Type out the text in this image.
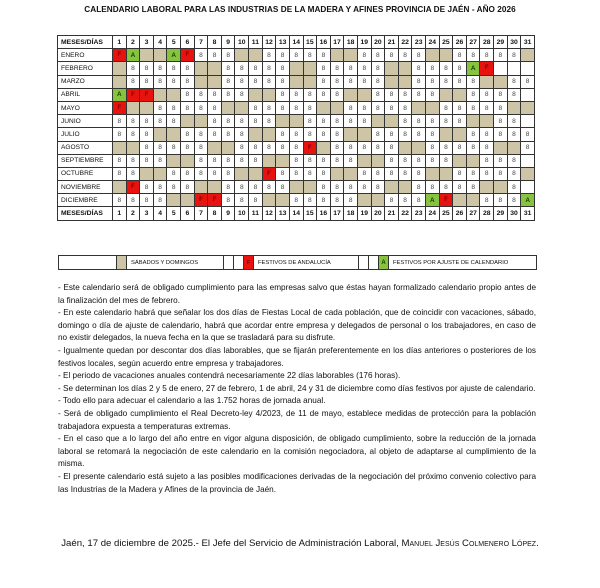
CALENDARIO LABORAL PARA LAS INDUSTRIAS DE LA MADERA Y AFINES PROVINCIA DE JAÉN - AÑO 2026
MESES/DÍAS	1	2	3	4	5	6	7	8	9	10	11	12	13	14	15	16	17	18	19	20	21	22	23	24	25	26	27	28	29	30	31
ENERO	F	A			A	F	8	8	8			8	8	8	8	8			8	8	8	8	8			8	8	8	8	8	
FEBRERO		8	8	8	8	8			8	8	8	8	8			8	8	8	8	8			8	8	8	8	A	F			
MARZO		8	8	8	8	8			8	8	8	8	8			8	8	8	8	8			8	8	8	8	8			8	8
ABRIL	A	F	F			8	8	8	8	8			8	8	8	8	8			8	8	8	8	8			8	8	8	8	
MAYO	F			8	8	8	8	8			8	8	8	8	8			8	8	8	8	8			8	8	8	8	8		
JUNIO	8	8	8	8	8			8	8	8	8	8			8	8	8	8	8			8	8	8	8	8			8	8	
JULIO	8	8	8			8	8	8	8	8			8	8	8	8	8			8	8	8	8	8			8	8	8	8	8
AGOSTO			8	8	8	8	8			8	8	8	8	8	F		8	8	8	8	8			8	8	8	8	8			8
SEPTIEMBRE	8	8	8	8			8	8	8	8	8			8	8	8	8	8			8	8	8	8	8			8	8	8	
OCTUBRE	8	8			8	8	8	8	8			F	8	8	8	8			8	8	8	8	8			8	8	8	8	8	
NOVIEMBRE		F	8	8	8	8			8	8	8	8	8			8	8	8	8	8			8	8	8	8	8			8	
DICIEMBRE	8	8	8	8			F	F	8	8	8			8	8	8	8	8			8	8	8	A	F			8	8	8	A
MESES/DÍAS	1	2	3	4	5	6	7	8	9	10	11	12	13	14	15	16	17	18	19	20	21	22	23	24	25	26	27	28	29	30	31
SÁBADOS Y DOMINGOS	F	FESTIVOS DE ANDALUCÍA	A	FESTIVOS POR AJUSTE DE CALENDARIO

- Este calendario será de obligado cumplimiento para las empresas salvo que éstas hayan formalizado calendario propio antes de la finalización del mes de febrero.

- En este calendario habrá que señalar los dos días de Fiestas Local de cada población, que de coincidir con vacaciones, sábado, domingo o día de ajuste de calendario, habrá que acordar entre empresa y delegados de personal o los trabajadores, en caso de no existir delegados, la nueva fecha en la que se trasladará para su disfrute.

- Igualmente quedan por descontar dos días laborables, que se fijarán preferentemente en los días anteriores o posteriores de los festivos locales, según acuerdo entre empresa y trabajadores.

- El periodo de vacaciones anuales contendrá necesariamente 22 días laborables (176 horas).

- Se determinan los días 2 y 5 de enero, 27 de febrero, 1 de abril, 24 y 31 de diciembre como días festivos por ajuste de calendario.

- Todo ello para adecuar el calendario a las 1.752 horas de jornada anual.

- Será de obligado cumplimiento el Real Decreto-ley 4/2023, de 11 de mayo, establece medidas de protección para la población trabajadora expuesta a temperaturas extremas.

- En el caso que a lo largo del año entre en vigor alguna disposición, de obligado cumplimiento, sobre la reducción de la jornada laboral se retomará la negociación de este calendario en la comisión negociadora, al objeto de adaptarse al cumplimiento de la misma.

- El presente calendario está sujeto a las posibles modificaciones derivadas de la negociación del próximo convenio colectivo para las Industrias de la Madera y Afines de la provincia de Jaén.

Jaén, 17 de diciembre de 2025.- El Jefe del Servicio de Administración Laboral, Manuel Jesús Colmenero López.
